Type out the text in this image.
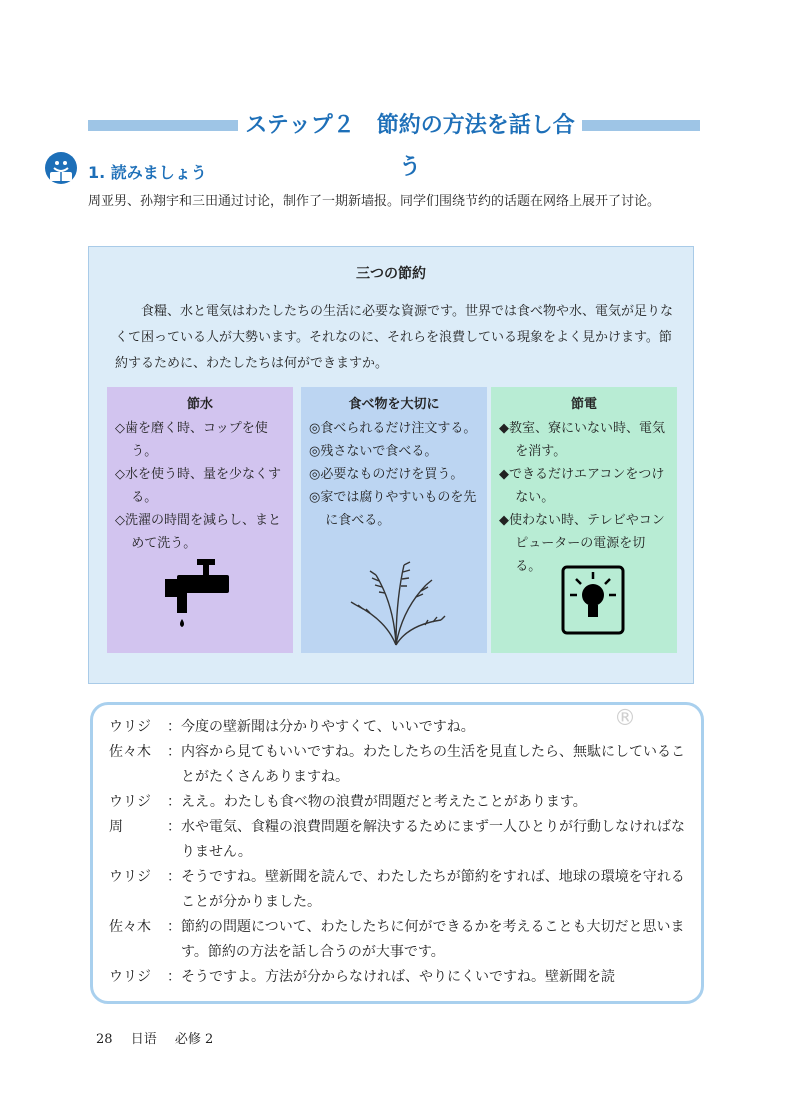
ステップ２　節約の方法を話し合う
1. 読みましょう
周亚男、孙翔宇和三田通过讨论，制作了一期新墙报。同学们围绕节约的话题在网络上展开了讨论。
三つの節約
食糧、水と電気はわたしたちの生活に必要な資源です。世界では食べ物や水、電気が足りなくて困っている人が大勢います。それなのに、それらを浪費している現象をよく見かけます。節約するために、わたしたちは何ができますか。
節水
◇歯を磨く時、コップを使う。
◇水を使う時、量を少なくする。
◇洗濯の時間を減らし、まとめて洗う。
食べ物を大切に
◎食べられるだけ注文する。
◎残さないで食べる。
◎必要なものだけを買う。
◎家では腐りやすいものを先に食べる。
節電
◆教室、寮にいない時、電気を消す。
◆できるだけエアコンをつけない。
◆使わない時、テレビやコンピューターの電源を切る。
ウリジ	： 今度の壁新聞は分かりやすくて、いいですね。
佐々木	： 内容から見てもいいですね。わたしたちの生活を見直したら、無駄にしていることがたくさんありますね。
ウリジ	： ええ。わたしも食べ物の浪費が問題だと考えたことがあります。
周	： 水や電気、食糧の浪費問題を解決するためにまず一人ひとりが行動しなければなりません。
ウリジ	： そうですね。壁新聞を読んで、わたしたちが節約をすれば、地球の環境を守れることが分かりました。
佐々木	： 節約の問題について、わたしたちに何ができるかを考えることも大切だと思います。節約の方法を話し合うのが大事です。
ウリジ	： そうですよ。方法が分からなければ、やりにくいですね。壁新聞を読
®
28 日语 必修 2
